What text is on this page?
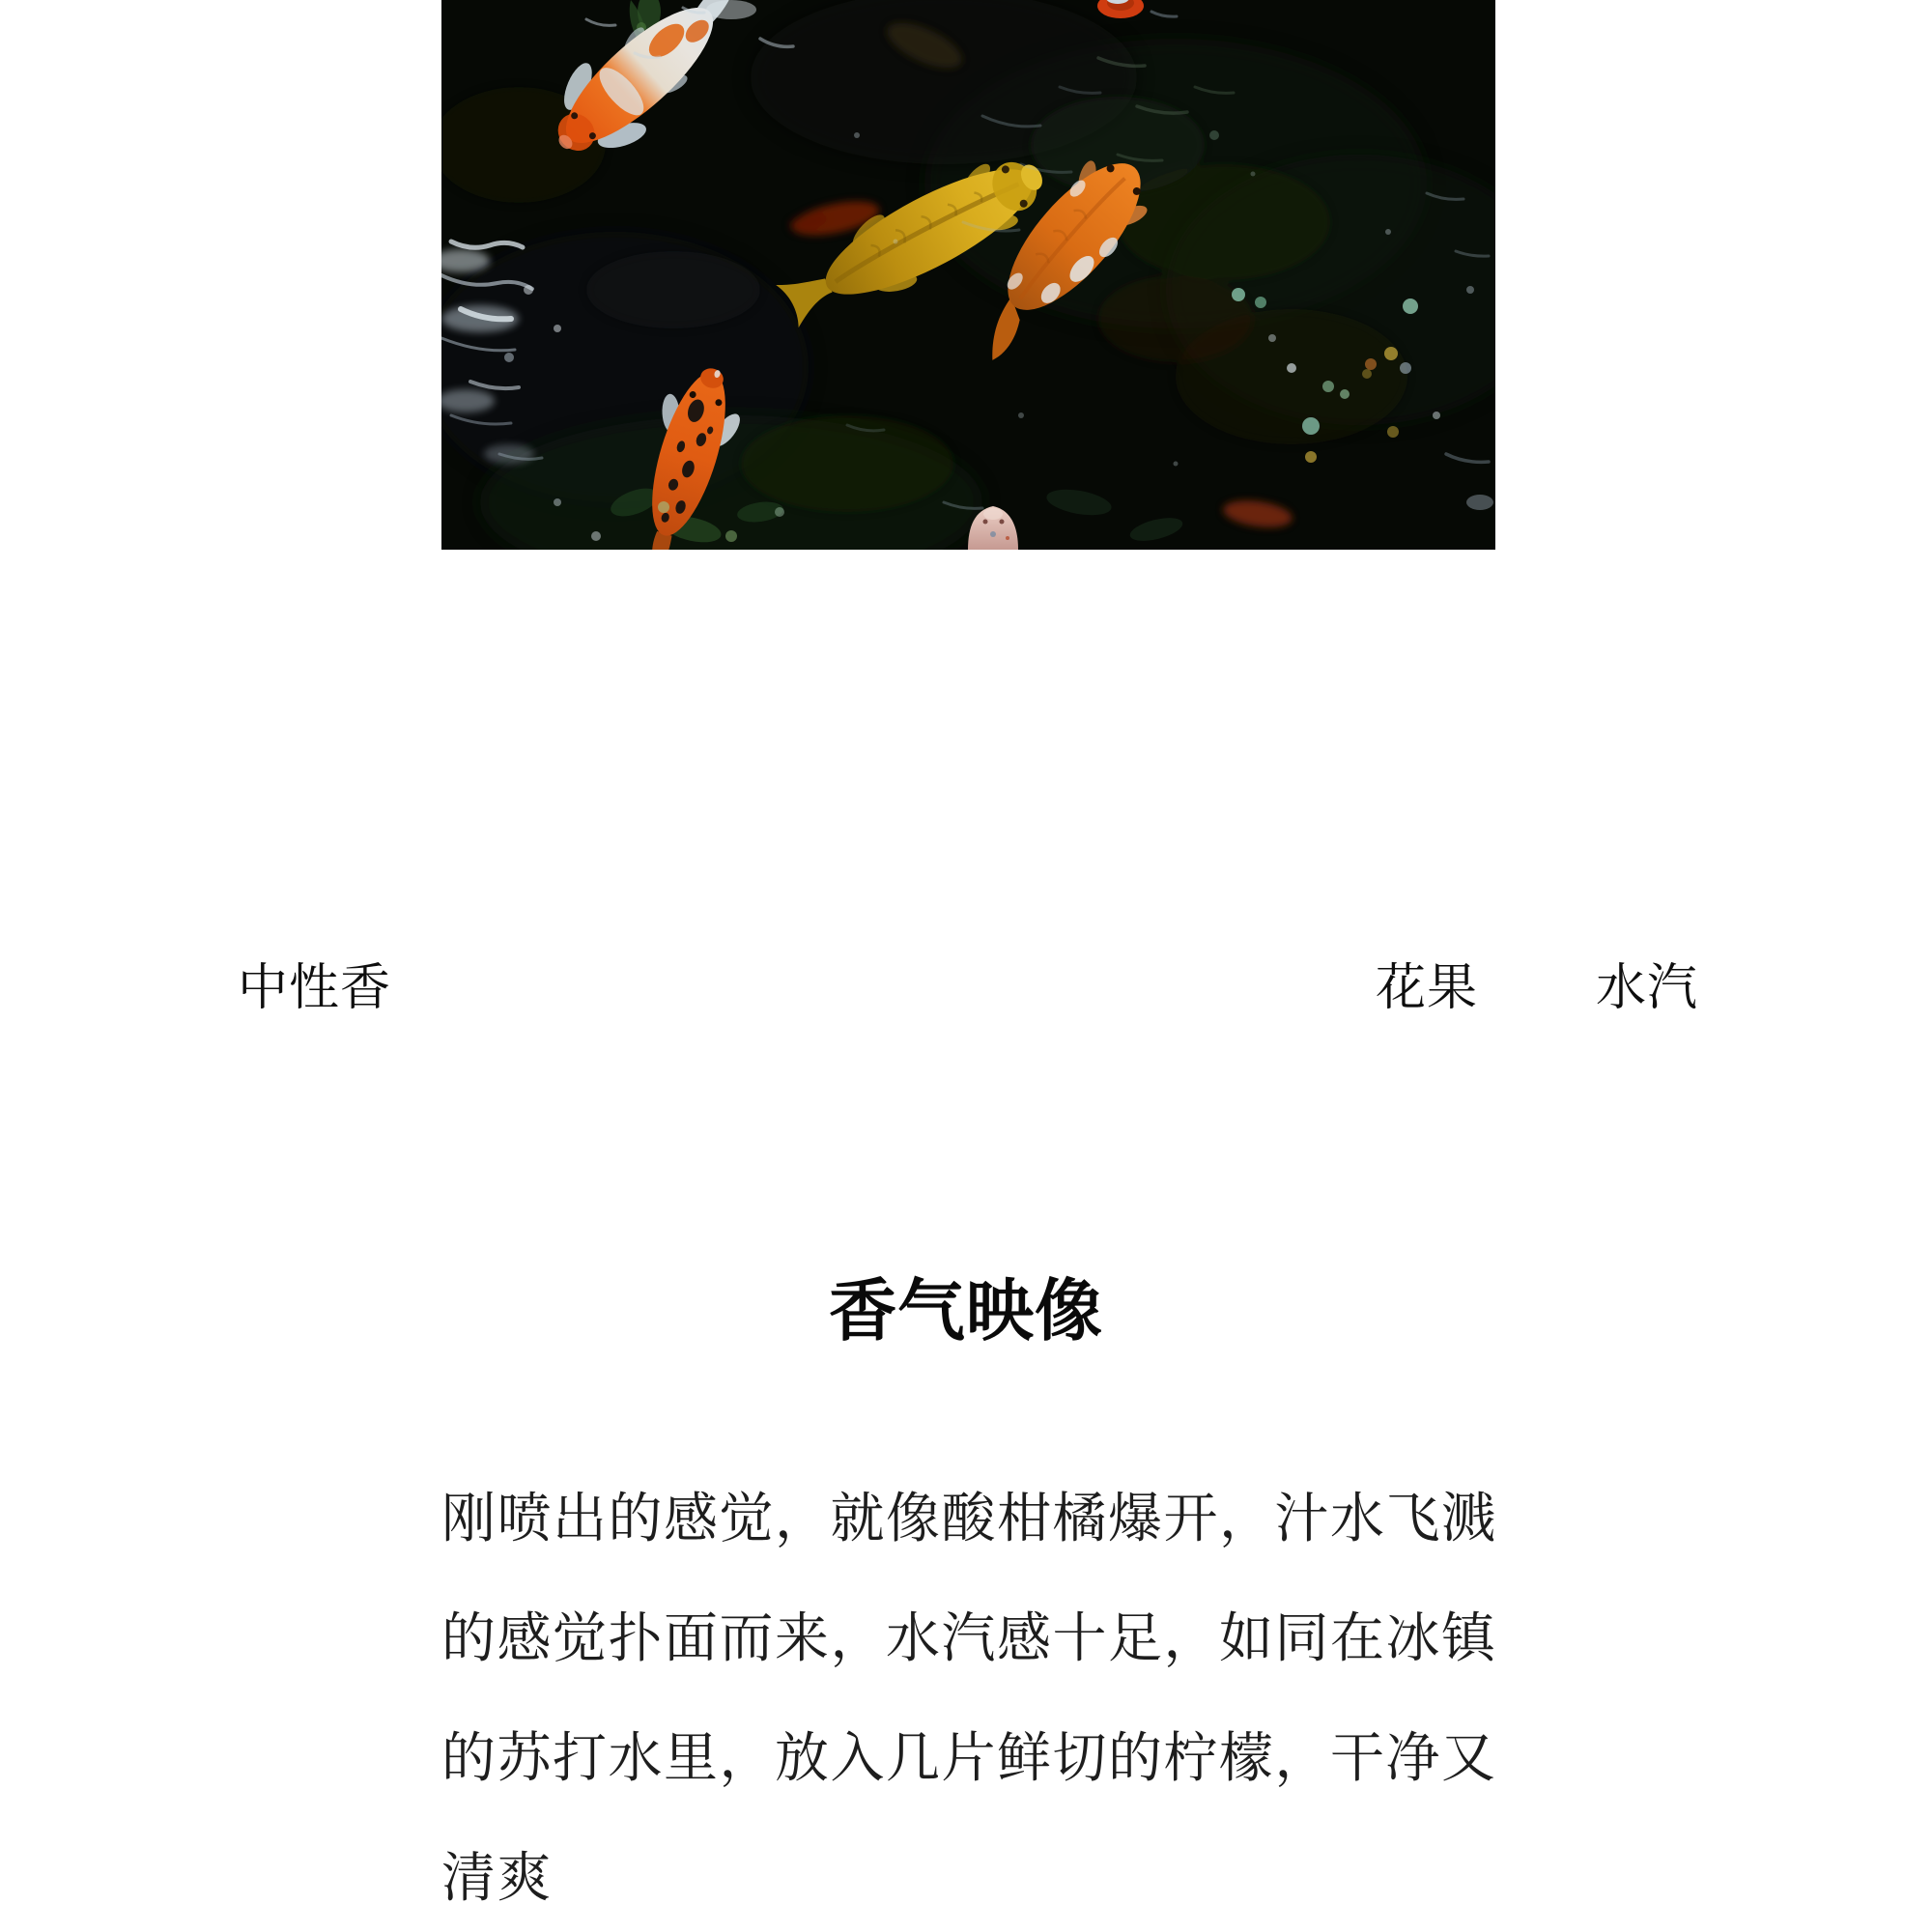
中性香	花果 水汽
香气映像
刚喷出的感觉，就像酸柑橘爆开，汁水飞溅
的感觉扑面而来，水汽感十足，如同在冰镇
的苏打水里，放入几片鲜切的柠檬，干净又
清爽
